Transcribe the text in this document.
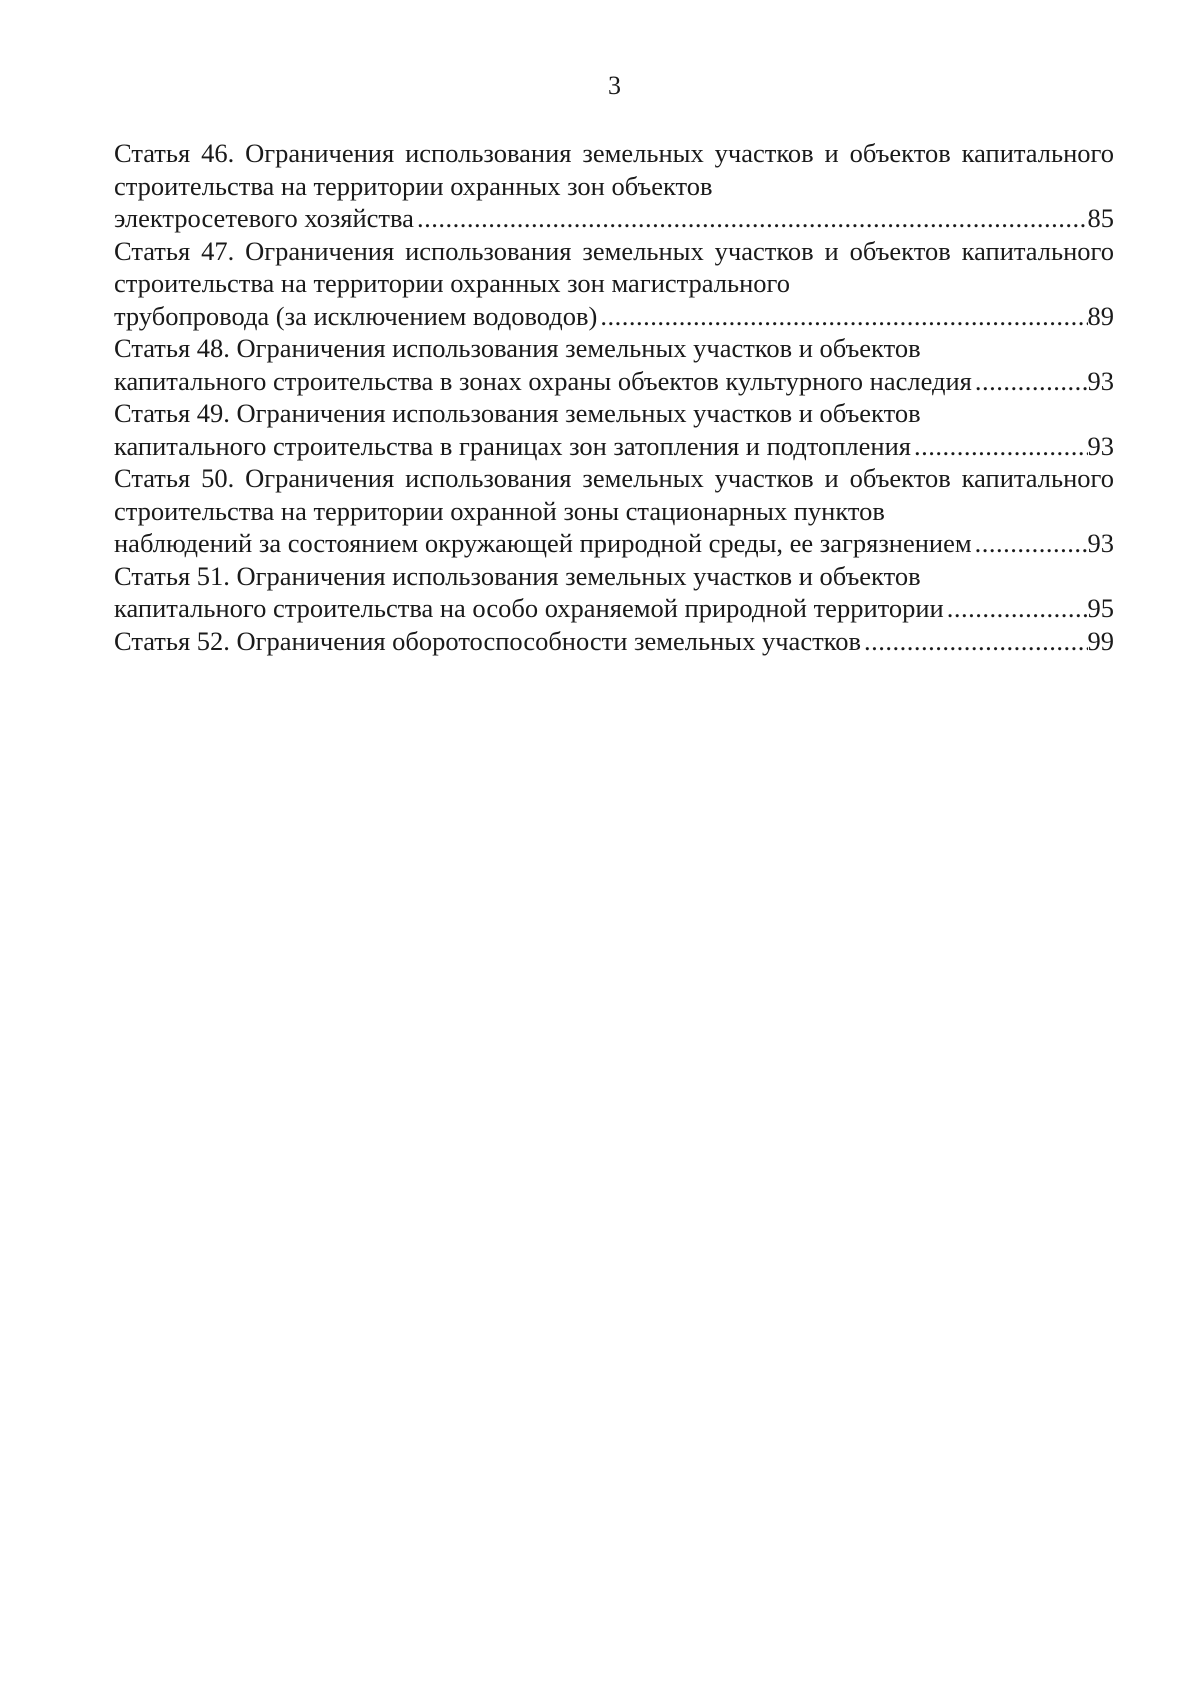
3
Статья 46. Ограничения использования земельных участков и объектов капитального строительства на территории охранных зон объектов
электросетевого хозяйства .....	85
Статья 47. Ограничения использования земельных участков и объектов капитального строительства на территории охранных зон магистрального
трубопровода (за исключением водоводов) .....	89
Статья 48. Ограничения использования земельных участков и объектов
капитального строительства в зонах охраны объектов культурного наследия .....	93
Статья 49. Ограничения использования земельных участков и объектов
капитального строительства в границах зон затопления и подтопления .....	93
Статья 50. Ограничения использования земельных участков и объектов капитального строительства на территории охранной зоны стационарных пунктов
наблюдений за состоянием окружающей природной среды, ее загрязнением .....	93
Статья 51. Ограничения использования земельных участков и объектов
капитального строительства на особо охраняемой природной территории .....	95
Статья 52. Ограничения оборотоспособности земельных участков .....	99
